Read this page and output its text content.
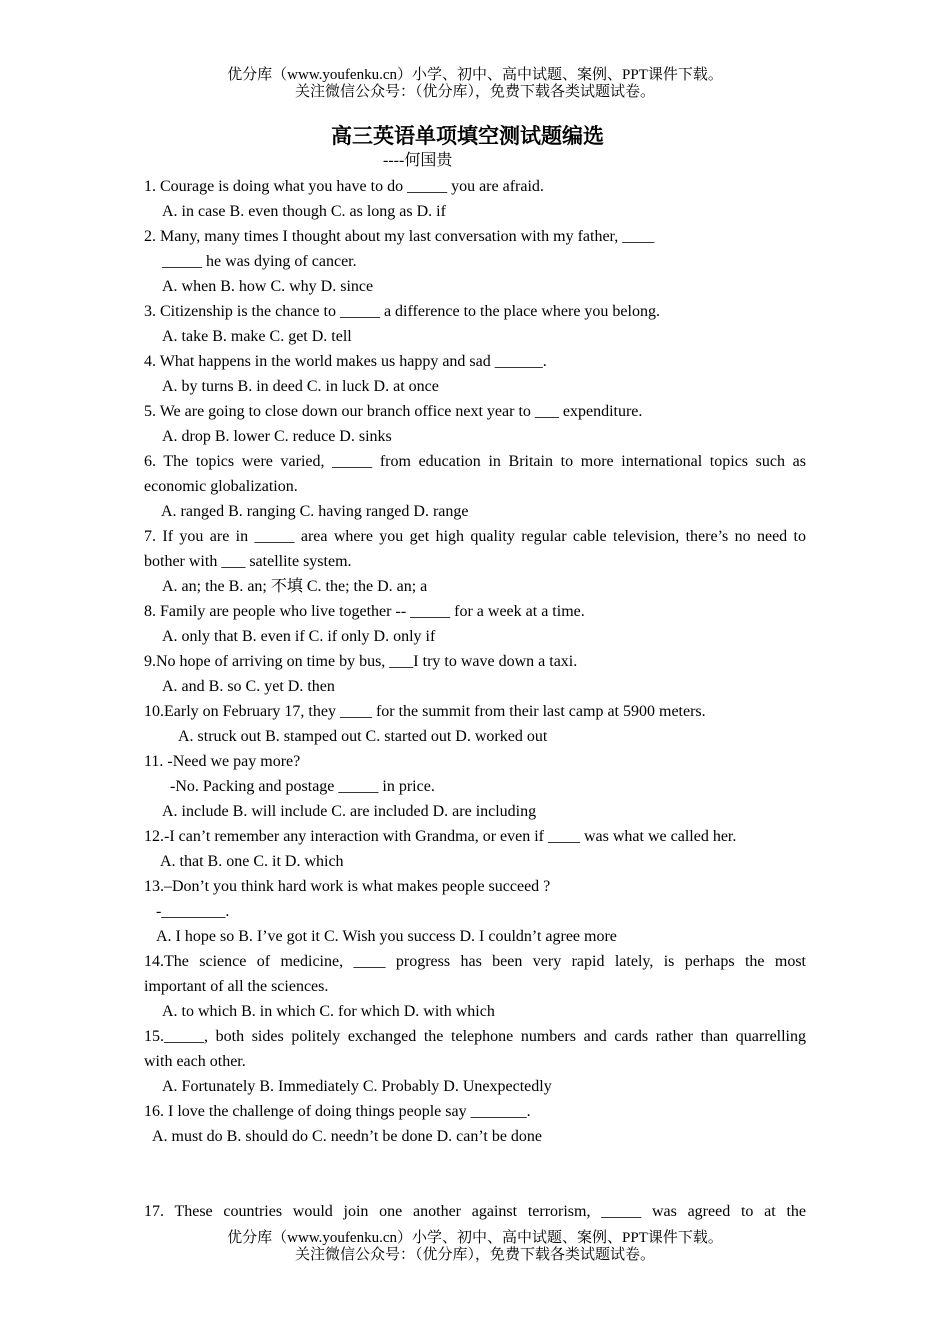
优分库（www.youfenku.cn）小学、初中、高中试题、案例、PPT课件下载。
关注微信公众号：（优分库），免费下载各类试题试卷。
高三英语单项填空测试题编选
----何国贵

1. Courage is doing what you have to do _____ you are afraid.

A. in case B. even though C. as long as D. if

2. Many, many times I thought about my last conversation with my father, ____

_____ he was dying of cancer.

A. when B. how C. why D. since

3. Citizenship is the chance to _____ a difference to the place where you belong.

A. take B. make C. get D. tell

4. What happens in the world makes us happy and sad ______.

A. by turns B. in deed C. in luck D. at once

5. We are going to close down our branch office next year to ___ expenditure.

A. drop B. lower C. reduce D. sinks

6. The topics were varied, _____ from education in Britain to more international topics such as

economic globalization.

A. ranged B. ranging C. having ranged D. range

7. If you are in _____ area where you get high quality regular cable television, there’s no need to

bother with ___ satellite system.

A. an; the B. an; 不填 C. the; the D. an; a

8. Family are people who live together -- _____ for a week at a time.

A. only that B. even if C. if only D. only if

9.No hope of arriving on time by bus, ___I try to wave down a taxi.

A. and B. so C. yet D. then

10.Early on February 17, they ____ for the summit from their last camp at 5900 meters.

A. struck out B. stamped out C. started out D. worked out

11. -Need we pay more?

-No. Packing and postage _____ in price.

A. include B. will include C. are included D. are including

12.-I can’t remember any interaction with Grandma, or even if ____ was what we called her.

A. that B. one C. it D. which

13.–Don’t you think hard work is what makes people succeed ?

-________.

A. I hope so B. I’ve got it C. Wish you success D. I couldn’t agree more

14.The science of medicine, ____ progress has been very rapid lately, is perhaps the most

important of all the sciences.

A. to which B. in which C. for which D. with which

15._____, both sides politely exchanged the telephone numbers and cards rather than quarrelling

with each other.

A. Fortunately B. Immediately C. Probably D. Unexpectedly

16. I love the challenge of doing things people say _______.

A. must do B. should do C. needn’t be done D. can’t be done

17. These countries would join one another against terrorism, _____ was agreed to at the

优分库（www.youfenku.cn）小学、初中、高中试题、案例、PPT课件下载。
关注微信公众号：（优分库），免费下载各类试题试卷。
